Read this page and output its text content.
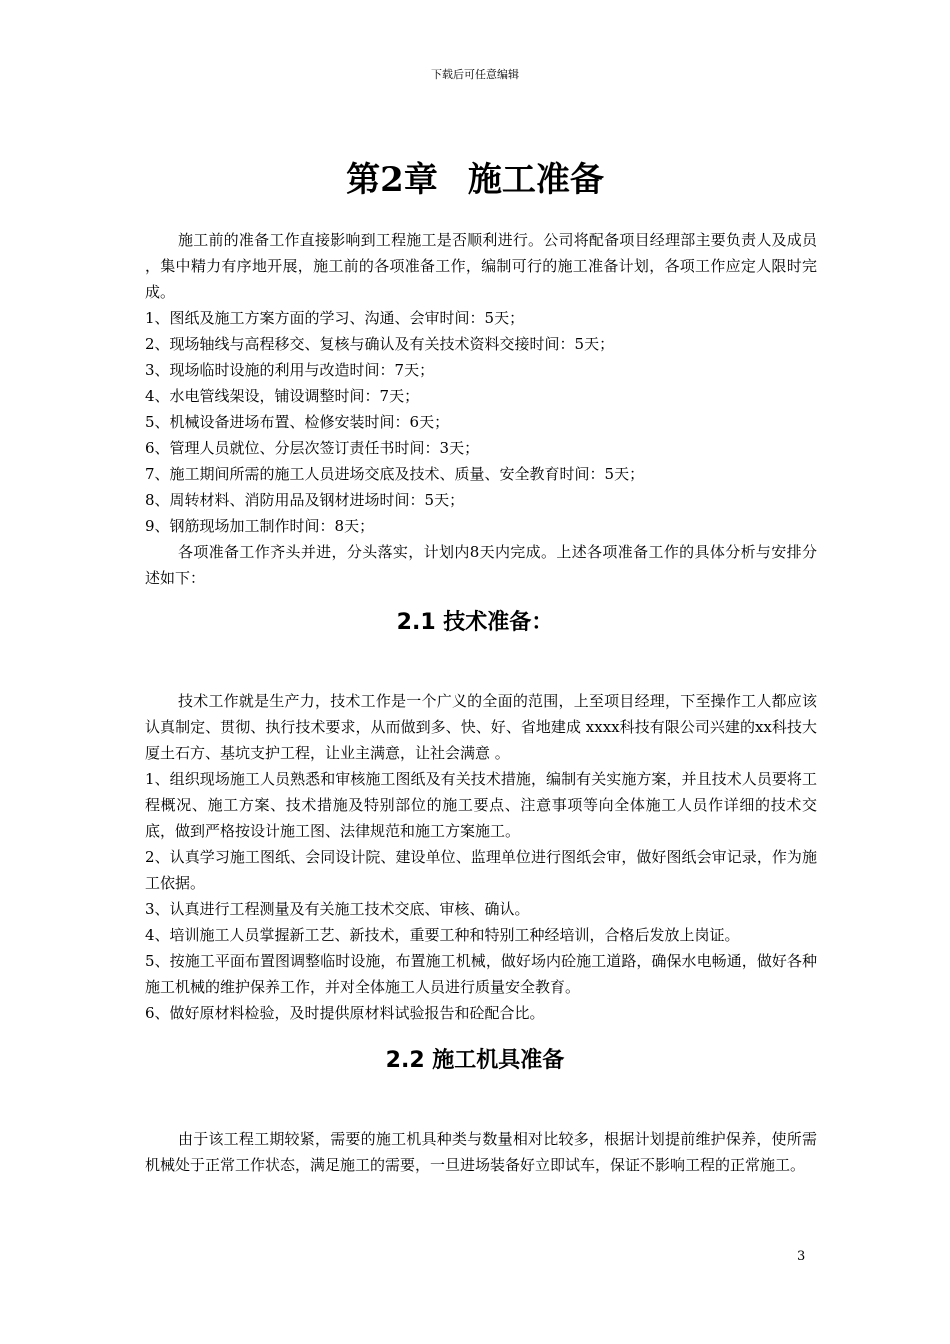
下载后可任意编辑
第2章 施工准备

施工前的准备工作直接影响到工程施工是否顺利进行。公司将配备项目经理部主要负责人及成员 ，集中精力有序地开展，施工前的各项准备工作，编制可行的施工准备计划，各项工作应定人限时完成。

1、图纸及施工方案方面的学习、沟通、会审时间：5天；

2、现场轴线与高程移交、复核与确认及有关技术资料交接时间：5天；

3、现场临时设施的利用与改造时间：7天；

4、水电管线架设，铺设调整时间：7天；

5、机械设备进场布置、检修安装时间：6天；

6、管理人员就位、分层次签订责任书时间：3天；

7、施工期间所需的施工人员进场交底及技术、质量、安全教育时间：5天；

8、周转材料、消防用品及钢材进场时间：5天；

9、钢筋现场加工制作时间：8天；

各项准备工作齐头并进，分头落实，计划内8天内完成。上述各项准备工作的具体分析与安排分述如下：

2.1 技术准备：

技术工作就是生产力，技术工作是一个广义的全面的范围，上至项目经理，下至操作工人都应该认真制定、贯彻、执行技术要求，从而做到多、快、好、省地建成 xxxx科技有限公司兴建的xx科技大厦土石方、基坑支护工程，让业主满意，让社会满意 。

1、组织现场施工人员熟悉和审核施工图纸及有关技术措施，编制有关实施方案，并且技术人员要将工程概况、施工方案、技术措施及特别部位的施工要点、注意事项等向全体施工人员作详细的技术交底，做到严格按设计施工图、法律规范和施工方案施工。

2、认真学习施工图纸、会同设计院、建设单位、监理单位进行图纸会审，做好图纸会审记录，作为施工依据。

3、认真进行工程测量及有关施工技术交底、审核、确认。

4、培训施工人员掌握新工艺、新技术，重要工种和特别工种经培训，合格后发放上岗证。

5、按施工平面布置图调整临时设施，布置施工机械，做好场内砼施工道路，确保水电畅通，做好各种施工机械的维护保养工作，并对全体施工人员进行质量安全教育。

6、做好原材料检验，及时提供原材料试验报告和砼配合比。

2.2 施工机具准备

由于该工程工期较紧，需要的施工机具种类与数量相对比较多，根据计划提前维护保养，使所需机械处于正常工作状态，满足施工的需要，一旦进场装备好立即试车，保证不影响工程的正常施工。

3
